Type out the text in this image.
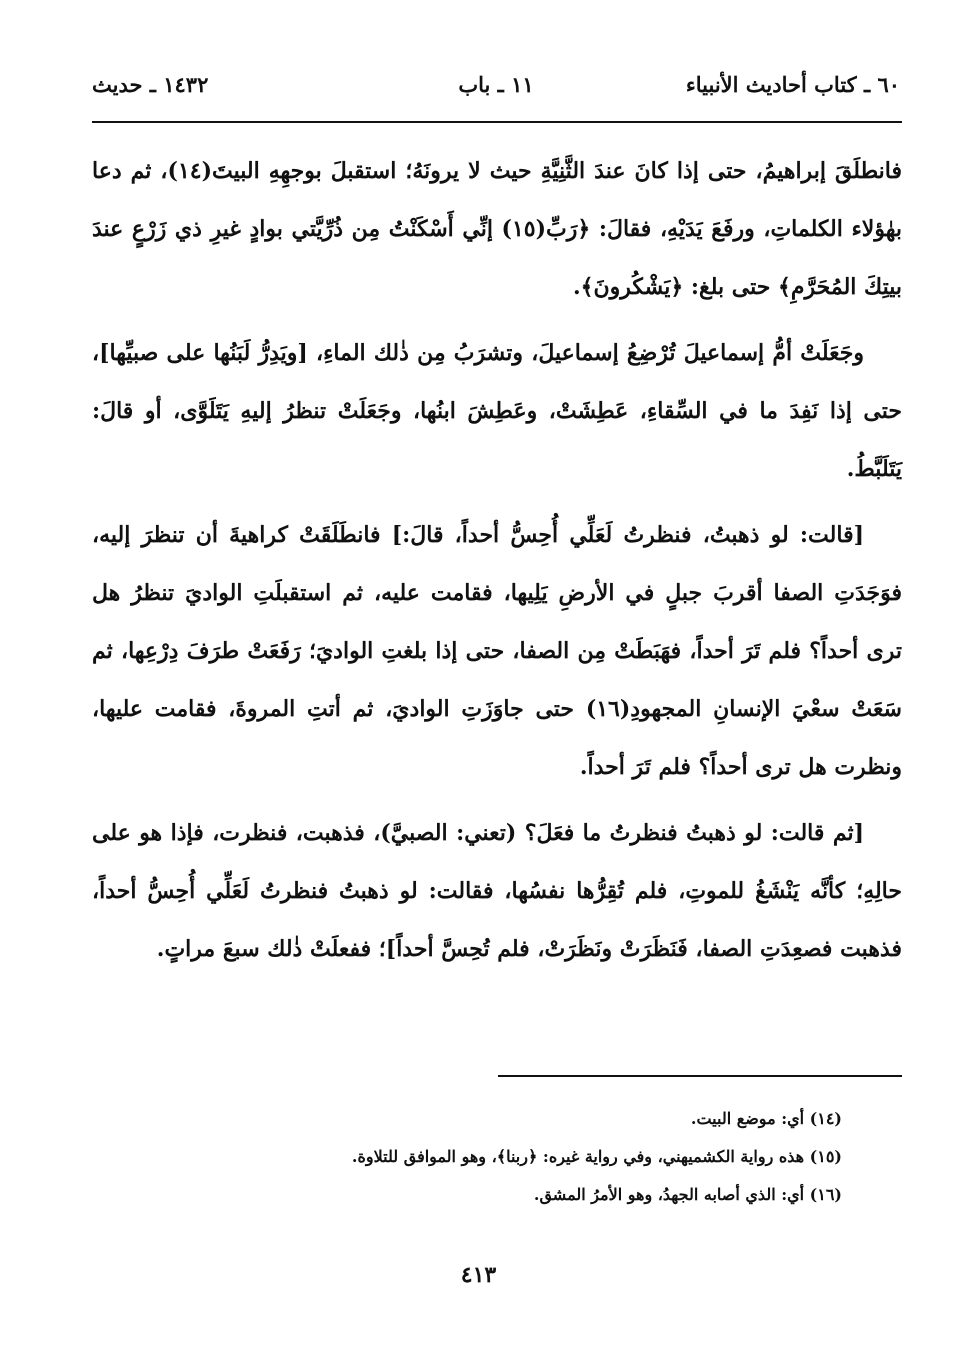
٦٠ ـ كتاب أحاديث الأنبياء
١١ ـ باب
١٤٣٢ ـ حديث

فانطلَقَ إبراهيمُ، حتى إذا كانَ عندَ الثَّنِيَّةِ حيث لا يرونَهُ؛ استقبلَ بوجهِهِ البيتَ(١٤)، ثم دعا بهٰؤلاء الكلماتِ، ورفَعَ يَدَيْهِ، فقالَ: ﴿رَبِّ(١٥) إنِّي أَسْكَنْتُ مِن ذُرِّيَّتي بوادٍ غيرِ ذي زَرْعٍ عندَ بيتِكَ المُحَرَّمِ﴾ حتى بلغ: ﴿يَشْكُرونَ﴾.

وجَعَلَتْ أمُّ إسماعيلَ تُرْضِعُ إسماعيلَ، وتشرَبُ مِن ذٰلك الماءِ، [ويَدِرُّ لَبَنُها على صبيِّها]، حتى إذا نَفِدَ ما في السِّقاءِ، عَطِشَتْ، وعَطِشَ ابنُها، وجَعَلَتْ تنظرُ إليهِ يَتَلَوَّى، أو قالَ: يَتَلَبَّطُ.

[قالت: لو ذهبتُ، فنظرتُ لَعَلِّي أُحِسُّ أحداً، قالَ:] فانطَلَقَتْ كراهيةَ أن تنظرَ إليه، فوَجَدَتِ الصفا أقربَ جبلٍ في الأرضِ يَلِيها، فقامت عليه، ثم استقبلَتِ الواديَ تنظرُ هل ترى أحداً؟ فلم تَرَ أحداً، فهَبَطَتْ مِن الصفا، حتى إذا بلغتِ الواديَ؛ رَفَعَتْ طرَفَ دِرْعِها، ثم سَعَتْ سعْيَ الإنسانِ المجهودِ(١٦) حتى جاوَزَتِ الواديَ، ثم أتتِ المروةَ، فقامت عليها، ونظرت هل ترى أحداً؟ فلم تَرَ أحداً.

[ثم قالت: لو ذهبتُ فنظرتُ ما فعَلَ؟ (تعني: الصبيَّ)، فذهبت، فنظرت، فإذا هو على حالِهِ؛ كأنَّه يَنْشَغُ للموتِ، فلم تُقِرُّها نفسُها، فقالت: لو ذهبتُ فنظرتُ لَعَلِّي أُحِسُّ أحداً، فذهبت فصعِدَتِ الصفا، فَنَظَرَتْ ونَظَرَتْ، فلم تُحِسَّ أحداً]؛ ففعلَتْ ذٰلك سبعَ مراتٍ.

(١٤) أي: موضع البيت.
(١٥) هذه رواية الكشميهني، وفي رواية غيره: ﴿ربنا﴾، وهو الموافق للتلاوة.
(١٦) أي: الذي أصابه الجهدُ، وهو الأمرُ المشق.
٤١٣
